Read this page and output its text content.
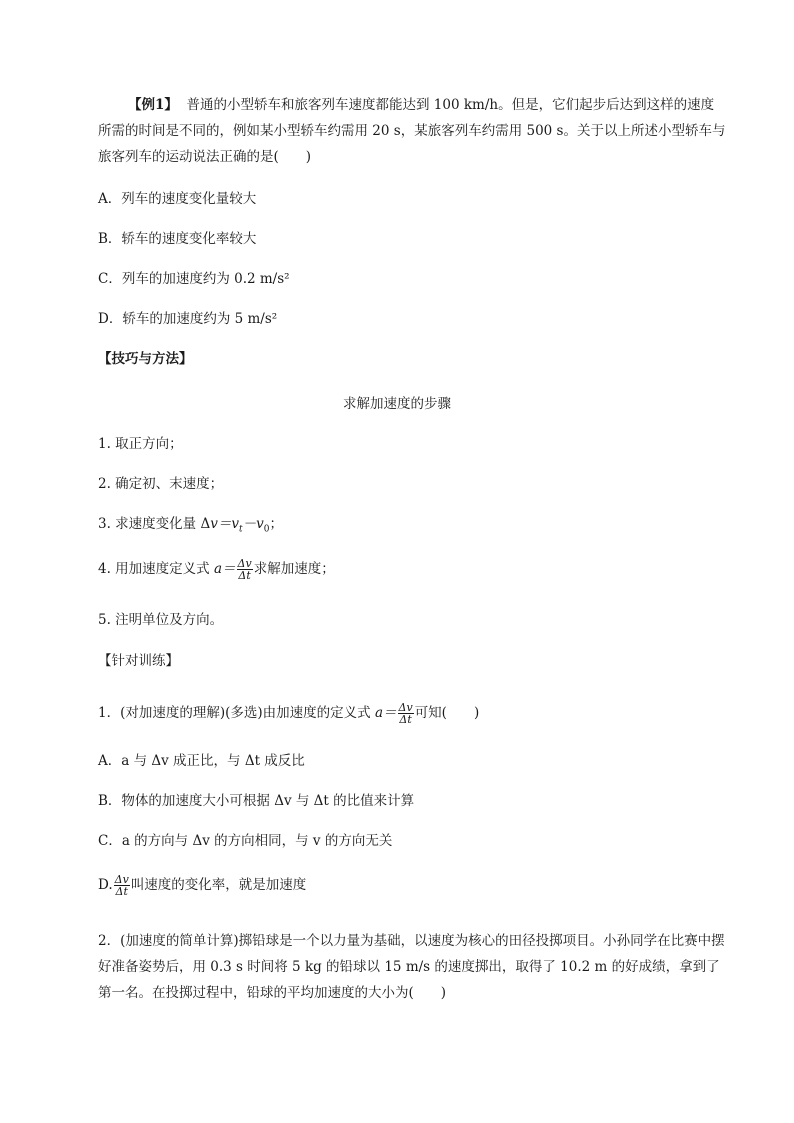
【例1】 普通的小型轿车和旅客列车速度都能达到 100 km/h。但是，它们起步后达到这样的速度所需的时间是不同的，例如某小型轿车约需用 20 s，某旅客列车约需用 500 s。关于以上所述小型轿车与旅客列车的运动说法正确的是(　　)
A．列车的速度变化量较大
B．轿车的速度变化率较大
C．列车的加速度约为 0.2 m/s²
D．轿车的加速度约为 5 m/s²
【技巧与方法】
求解加速度的步骤
1. 取正方向；
2. 确定初、末速度；
3. 求速度变化量 $\Delta v=v_t-v_0$；
4. 用加速度定义式 $a= \frac{\Delta v}{\Delta t}$ 求解加速度；
5. 注明单位及方向。
【针对训练】
1．(对加速度的理解)(多选)由加速度的定义式 $a= \frac{\Delta v}{\Delta t}$ 可知(　　)
A．a 与 Δv 成正比，与 Δt 成反比
B．物体的加速度大小可根据 Δv 与 Δt 的比值来计算
C．a 的方向与 Δv 的方向相同，与 v 的方向无关
D. $\frac{\Delta v}{\Delta t}$ 叫速度的变化率，就是加速度
2．(加速度的简单计算)掷铅球是一个以力量为基础，以速度为核心的田径投掷项目。小孙同学在比赛中摆好准备姿势后，用 0.3 s 时间将 5 kg 的铅球以 15 m/s 的速度掷出，取得了 10.2 m 的好成绩，拿到了第一名。在投掷过程中，铅球的平均加速度的大小为(　　)
